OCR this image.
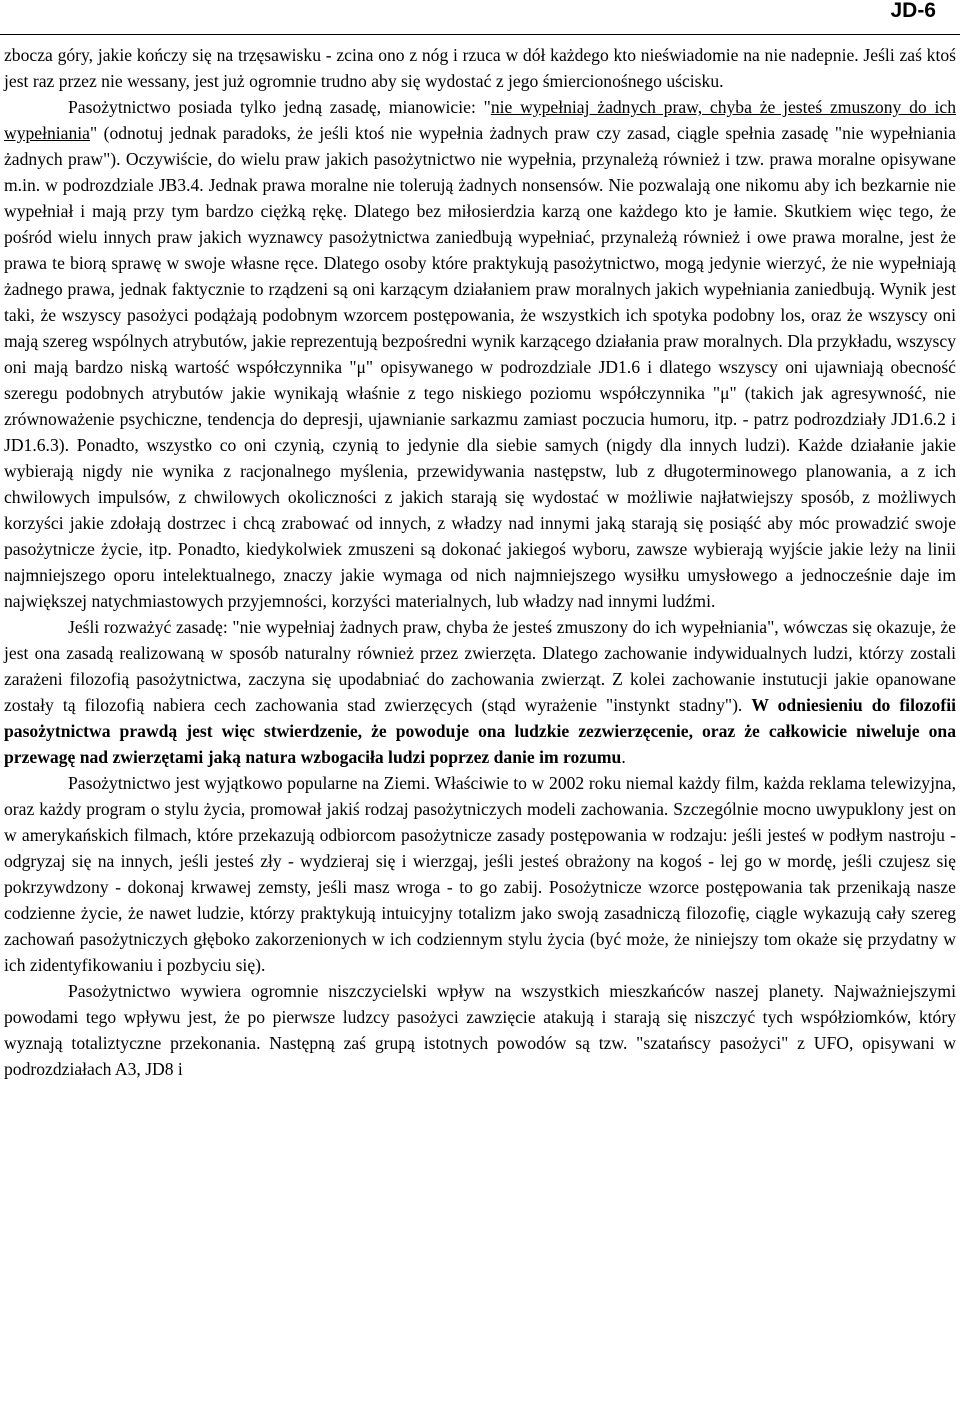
JD-6

zbocza góry, jakie kończy się na trzęsawisku - zcina ono z nóg i rzuca w dół każdego kto nieświadomie na nie nadepnie. Jeśli zaś ktoś jest raz przez nie wessany, jest już ogromnie trudno aby się wydostać z jego śmiercionośnego uścisku.

Pasożytnictwo posiada tylko jedną zasadę, mianowicie: "nie wypełniaj żadnych praw, chyba że jesteś zmuszony do ich wypełniania" (odnotuj jednak paradoks, że jeśli ktoś nie wypełnia żadnych praw czy zasad, ciągle spełnia zasadę "nie wypełniania żadnych praw"). Oczywiście, do wielu praw jakich pasożytnictwo nie wypełnia, przynależą również i tzw. prawa moralne opisywane m.in. w podrozdziale JB3.4. Jednak prawa moralne nie tolerują żadnych nonsensów. Nie pozwalają one nikomu aby ich bezkarnie nie wypełniał i mają przy tym bardzo ciężką rękę. Dlatego bez miłosierdzia karzą one każdego kto je łamie. Skutkiem więc tego, że pośród wielu innych praw jakich wyznawcy pasożytnictwa zaniedbują wypełniać, przynależą również i owe prawa moralne, jest że prawa te biorą sprawę w swoje własne ręce. Dlatego osoby które praktykują pasożytnictwo, mogą jedynie wierzyć, że nie wypełniają żadnego prawa, jednak faktycznie to rządzeni są oni karzącym działaniem praw moralnych jakich wypełniania zaniedbują. Wynik jest taki, że wszyscy pasożyci podążają podobnym wzorcem postępowania, że wszystkich ich spotyka podobny los, oraz że wszyscy oni mają szereg wspólnych atrybutów, jakie reprezentują bezpośredni wynik karzącego działania praw moralnych. Dla przykładu, wszyscy oni mają bardzo niską wartość współczynnika "μ" opisywanego w podrozdziale JD1.6 i dlatego wszyscy oni ujawniają obecność szeregu podobnych atrybutów jakie wynikają właśnie z tego niskiego poziomu współczynnika "μ" (takich jak agresywność, nie zrównoważenie psychiczne, tendencja do depresji, ujawnianie sarkazmu zamiast poczucia humoru, itp. - patrz podrozdziały JD1.6.2 i JD1.6.3). Ponadto, wszystko co oni czynią, czynią to jedynie dla siebie samych (nigdy dla innych ludzi). Każde działanie jakie wybierają nigdy nie wynika z racjonalnego myślenia, przewidywania następstw, lub z długoterminowego planowania, a z ich chwilowych impulsów, z chwilowych okoliczności z jakich starają się wydostać w możliwie najłatwiejszy sposób, z możliwych korzyści jakie zdołają dostrzec i chcą zrabować od innych, z władzy nad innymi jaką starają się posiąść aby móc prowadzić swoje pasożytnicze życie, itp. Ponadto, kiedykolwiek zmuszeni są dokonać jakiegoś wyboru, zawsze wybierają wyjście jakie leży na linii najmniejszego oporu intelektualnego, znaczy jakie wymaga od nich najmniejszego wysiłku umysłowego a jednocześnie daje im największej natychmiastowych przyjemności, korzyści materialnych, lub władzy nad innymi ludźmi.

Jeśli rozważyć zasadę: "nie wypełniaj żadnych praw, chyba że jesteś zmuszony do ich wypełniania", wówczas się okazuje, że jest ona zasadą realizowaną w sposób naturalny również przez zwierzęta. Dlatego zachowanie indywidualnych ludzi, którzy zostali zarażeni filozofią pasożytnictwa, zaczyna się upodabniać do zachowania zwierząt. Z kolei zachowanie instutucji jakie opanowane zostały tą filozofią nabiera cech zachowania stad zwierzęcych (stąd wyrażenie "instynkt stadny"). W odniesieniu do filozofii pasożytnictwa prawdą jest więc stwierdzenie, że powoduje ona ludzkie zezwierzęcenie, oraz że całkowicie niweluje ona przewagę nad zwierzętami jaką natura wzbogaciła ludzi poprzez danie im rozumu.

Pasożytnictwo jest wyjątkowo popularne na Ziemi. Właściwie to w 2002 roku niemal każdy film, każda reklama telewizyjna, oraz każdy program o stylu życia, promował jakiś rodzaj pasożytniczych modeli zachowania. Szczególnie mocno uwypuklony jest on w amerykańskich filmach, które przekazują odbiorcom pasożytnicze zasady postępowania w rodzaju: jeśli jesteś w podłym nastroju - odgryzaj się na innych, jeśli jesteś zły - wydzieraj się i wierzgaj, jeśli jesteś obrażony na kogoś - lej go w mordę, jeśli czujesz się pokrzywdzony - dokonaj krwawej zemsty, jeśli masz wroga - to go zabij. Posożytnicze wzorce postępowania tak przenikają nasze codzienne życie, że nawet ludzie, którzy praktykują intuicyjny totalizm jako swoją zasadniczą filozofię, ciągle wykazują cały szereg zachowań pasożytniczych głęboko zakorzenionych w ich codziennym stylu życia (być może, że niniejszy tom okaże się przydatny w ich zidentyfikowaniu i pozbyciu się).

Pasożytnictwo wywiera ogromnie niszczycielski wpływ na wszystkich mieszkańców naszej planety. Najważniejszymi powodami tego wpływu jest, że po pierwsze ludzcy pasożyci zawzięcie atakują i starają się niszczyć tych współziomków, który wyznają totaliztyczne przekonania. Następną zaś grupą istotnych powodów są tzw. "szatańscy pasożyci" z UFO, opisywani w podrozdziałach A3, JD8 i
